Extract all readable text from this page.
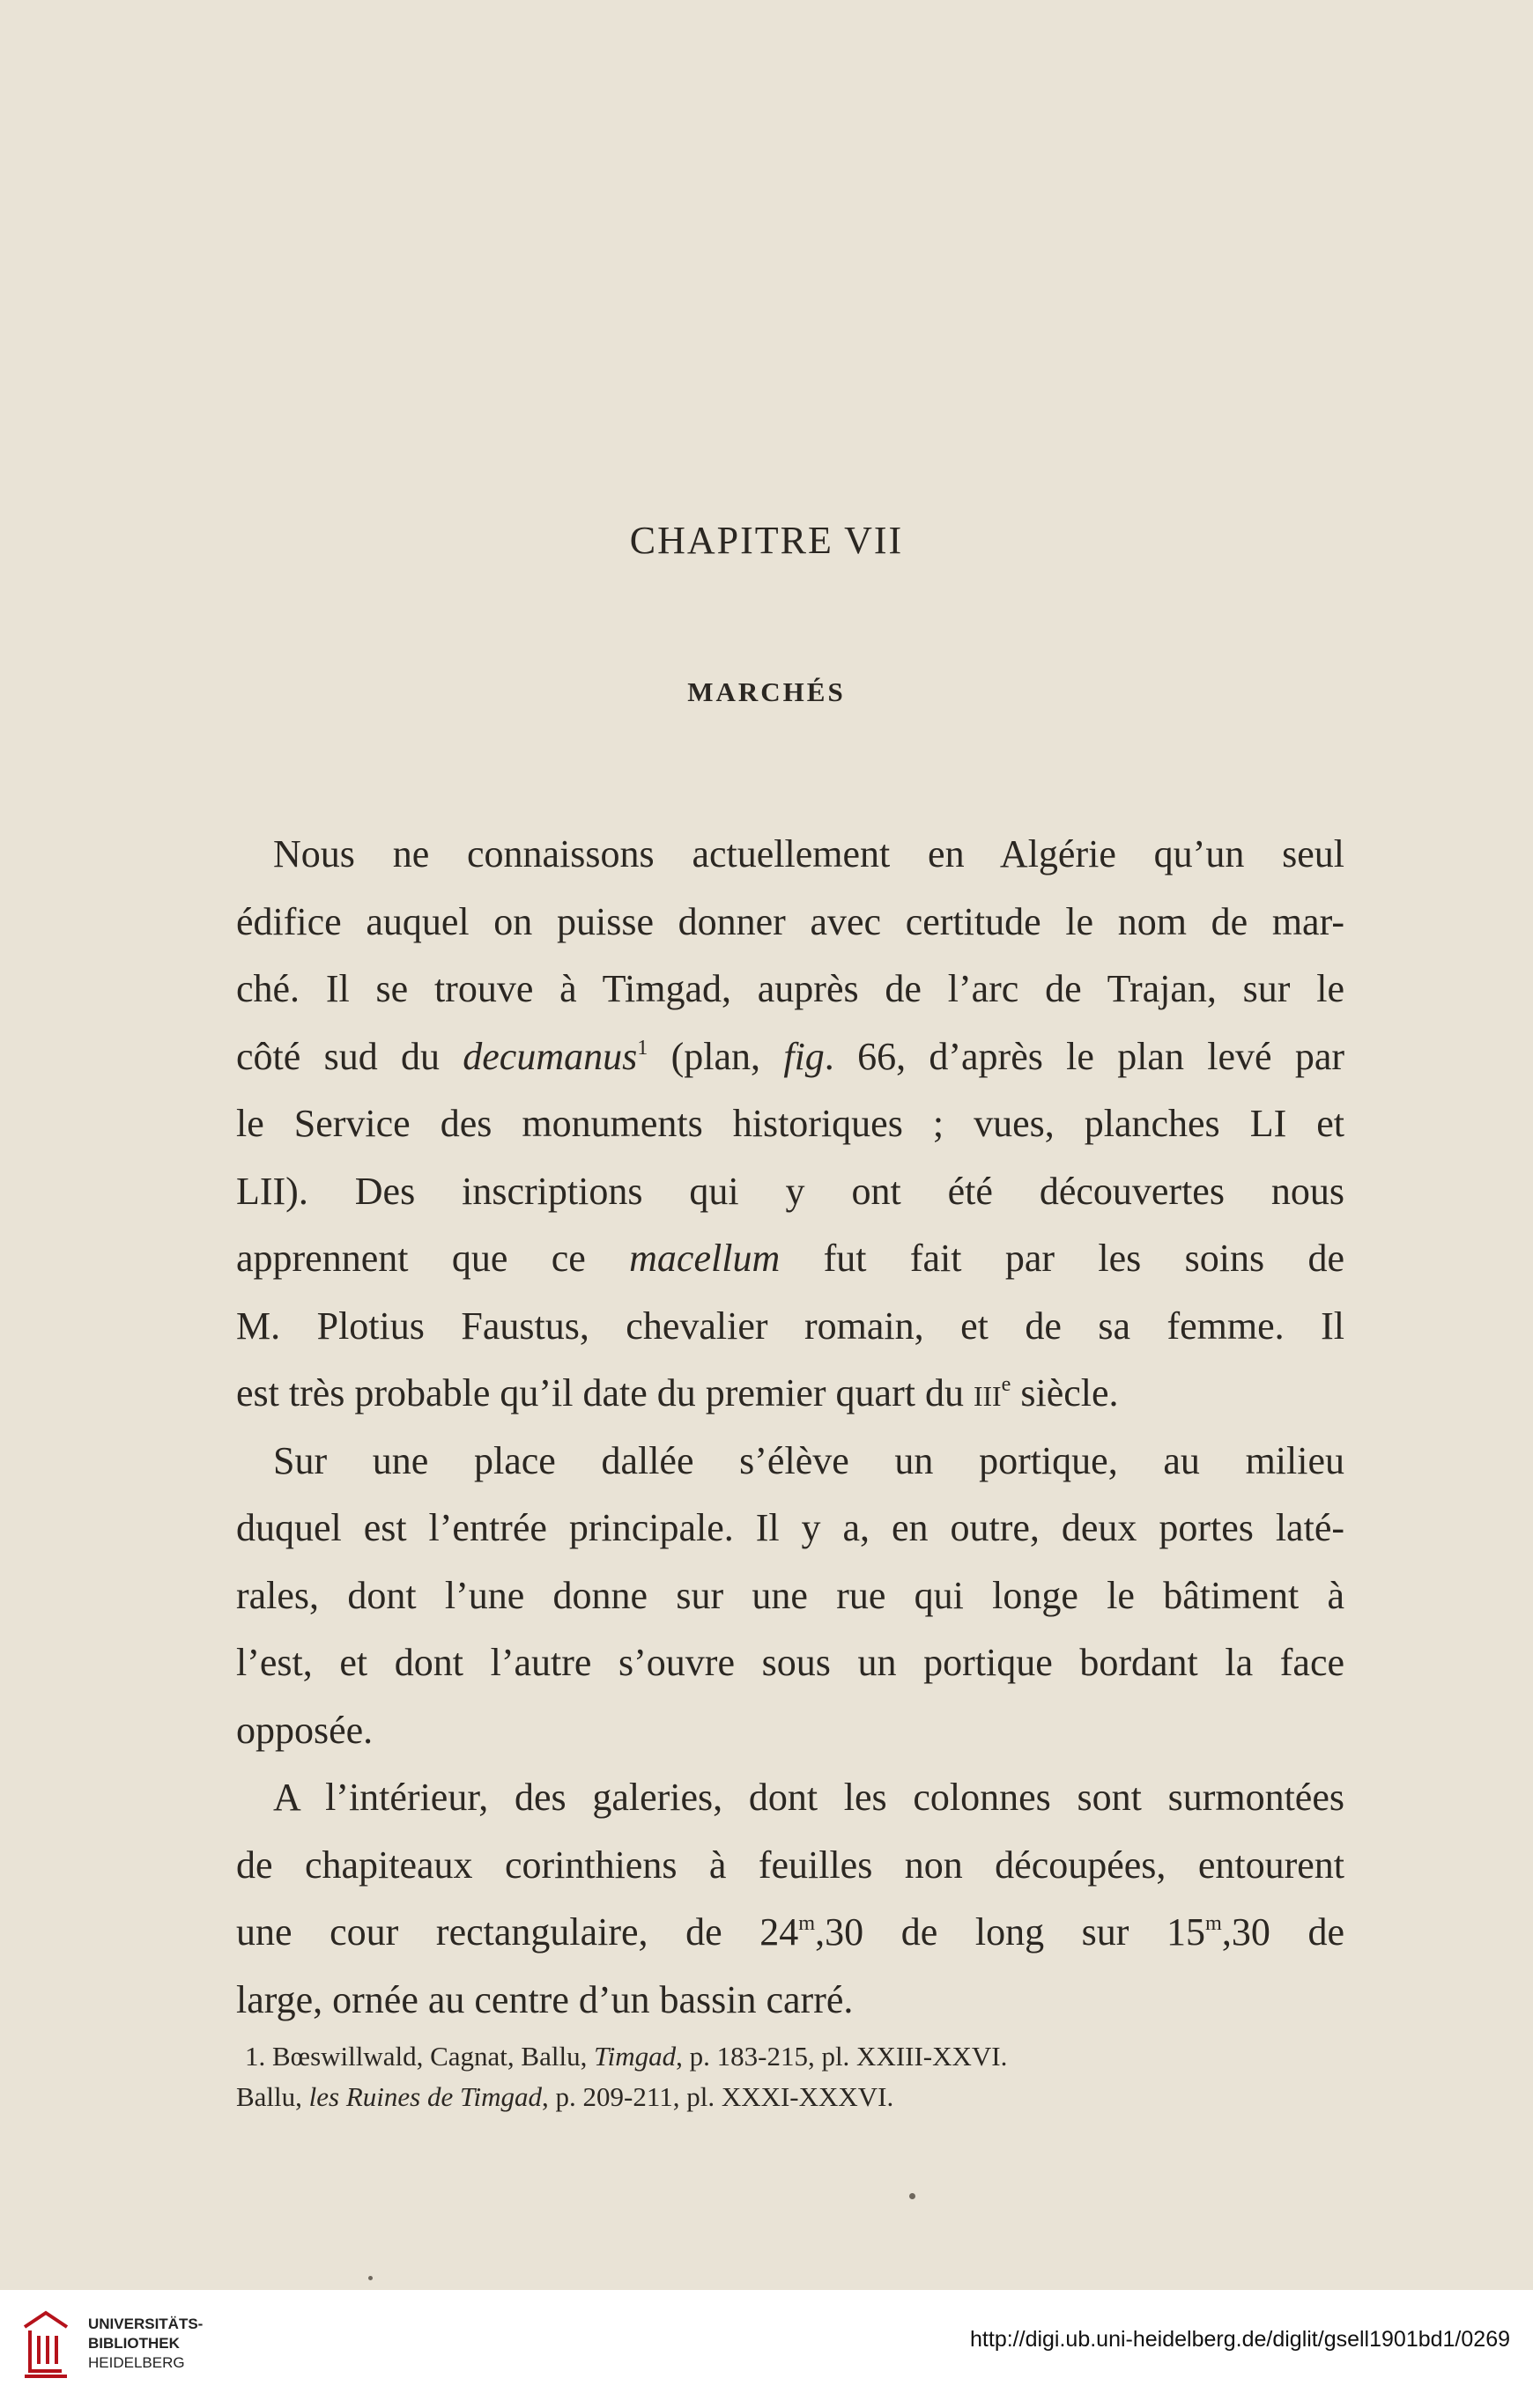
CHAPITRE VII
MARCHÉS
Nous ne connaissons actuellement en Algérie qu’un seul
édifice auquel on puisse donner avec certitude le nom de mar-
ché. Il se trouve à Timgad, auprès de l’arc de Trajan, sur le
côté sud du decumanus$^1$ (plan, fig. 66, d’après le plan levé par
le Service des monuments historiques ; vues, planches LI et
LII). Des inscriptions qui y ont été découvertes nous
apprennent que ce macellum fut fait par les soins de
M. Plotius Faustus, chevalier romain, et de sa femme. Il
est très probable qu’il date du premier quart du IIIe siècle.
Sur une place dallée s’élève un portique, au milieu
duquel est l’entrée principale. Il y a, en outre, deux portes laté-
rales, dont l’une donne sur une rue qui longe le bâtiment à
l’est, et dont l’autre s’ouvre sous un portique bordant la face
opposée.
A l’intérieur, des galeries, dont les colonnes sont surmontées
de chapiteaux corinthiens à feuilles non découpées, entourent
une cour rectangulaire, de 24$^m$,30 de long sur 15$^m$,30 de
large, ornée au centre d’un bassin carré.
1. Bœswillwald, Cagnat, Ballu, Timgad, p. 183-215, pl. XXIII-XXVI.
Ballu, les Ruines de Timgad, p. 209-211, pl. XXXI-XXXVI.
UNIVERSITÄTS-
BIBLIOTHEK
HEIDELBERG
http://digi.ub.uni-heidelberg.de/diglit/gsell1901bd1/0269
